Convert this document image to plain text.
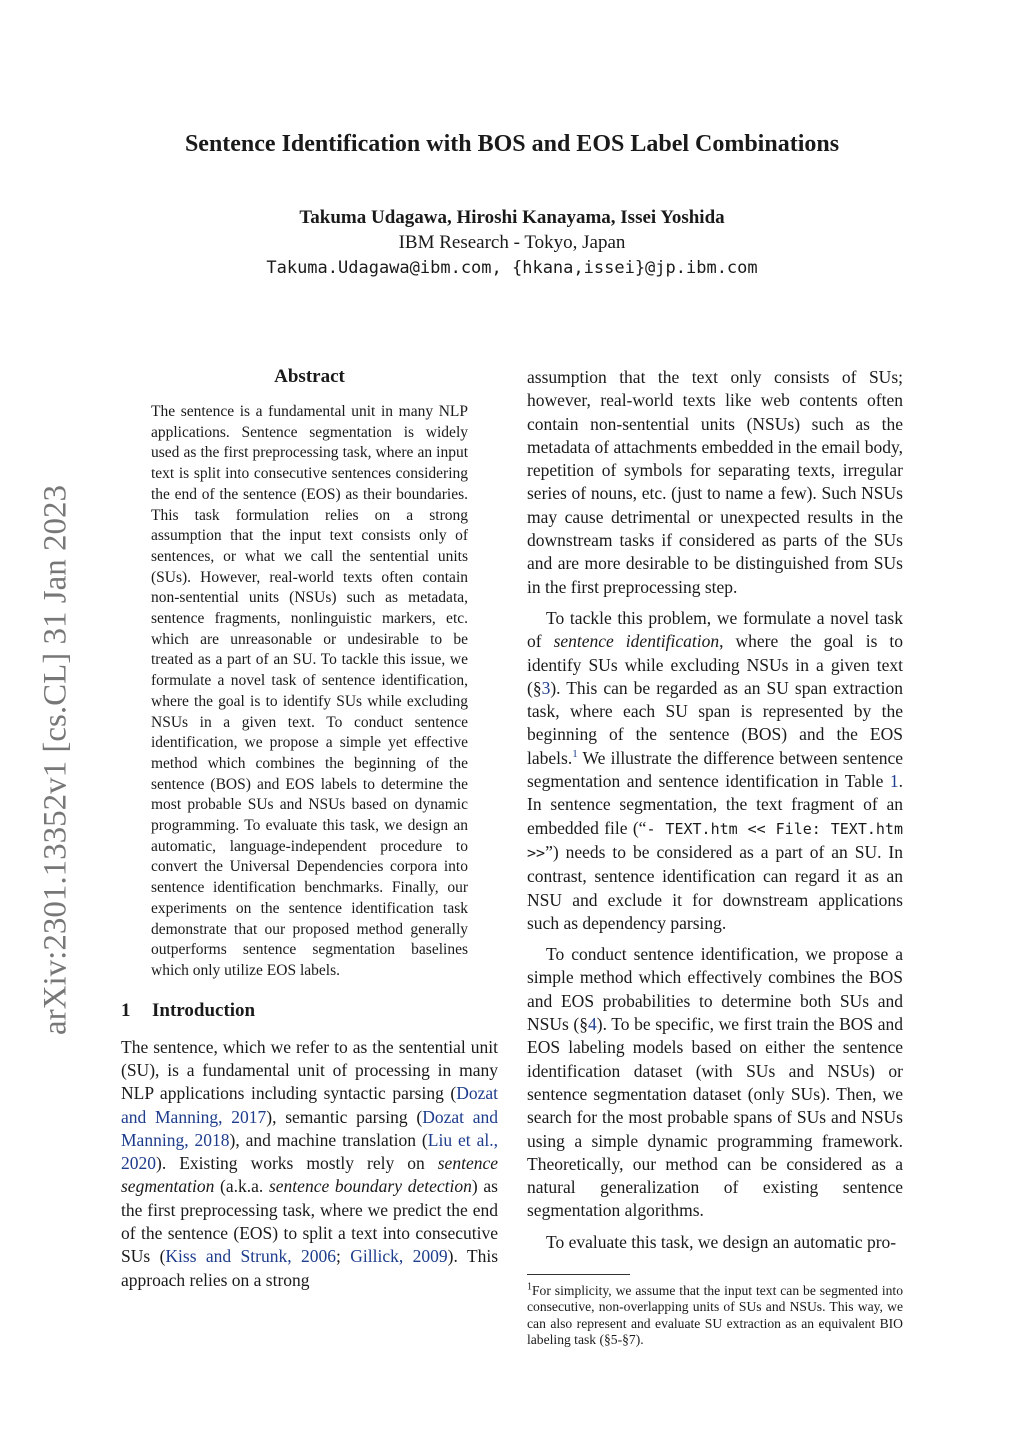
arXiv:2301.13352v1 [cs.CL] 31 Jan 2023
Sentence Identification with BOS and EOS Label Combinations
Takuma Udagawa, Hiroshi Kanayama, Issei Yoshida
IBM Research - Tokyo, Japan
Takuma.Udagawa@ibm.com, {hkana,issei}@jp.ibm.com
Abstract

The sentence is a fundamental unit in many NLP applications. Sentence segmentation is widely used as the first preprocessing task, where an input text is split into consecutive sentences considering the end of the sentence (EOS) as their boundaries. This task formulation relies on a strong assumption that the input text consists only of sentences, or what we call the sentential units (SUs). However, real-world texts often contain non-sentential units (NSUs) such as metadata, sentence fragments, nonlinguistic markers, etc. which are unreasonable or undesirable to be treated as a part of an SU. To tackle this issue, we formulate a novel task of sentence identification, where the goal is to identify SUs while excluding NSUs in a given text. To conduct sentence identification, we propose a simple yet effective method which combines the beginning of the sentence (BOS) and EOS labels to determine the most probable SUs and NSUs based on dynamic programming. To evaluate this task, we design an automatic, language-independent procedure to convert the Universal Dependencies corpora into sentence identification benchmarks. Finally, our experiments on the sentence identification task demonstrate that our proposed method generally outperforms sentence segmentation baselines which only utilize EOS labels.

1 Introduction

The sentence, which we refer to as the sentential unit (SU), is a fundamental unit of processing in many NLP applications including syntactic parsing (Dozat and Manning, 2017), semantic parsing (Dozat and Manning, 2018), and machine translation (Liu et al., 2020). Existing works mostly rely on sentence segmentation (a.k.a. sentence boundary detection) as the first preprocessing task, where we predict the end of the sentence (EOS) to split a text into consecutive SUs (Kiss and Strunk, 2006; Gillick, 2009). This approach relies on a strong

assumption that the text only consists of SUs; however, real-world texts like web contents often contain non-sentential units (NSUs) such as the metadata of attachments embedded in the email body, repetition of symbols for separating texts, irregular series of nouns, etc. (just to name a few). Such NSUs may cause detrimental or unexpected results in the downstream tasks if considered as parts of the SUs and are more desirable to be distinguished from SUs in the first preprocessing step.

To tackle this problem, we formulate a novel task of sentence identification, where the goal is to identify SUs while excluding NSUs in a given text (§3). This can be regarded as an SU span extraction task, where each SU span is represented by the beginning of the sentence (BOS) and the EOS labels.$^1$ We illustrate the difference between sentence segmentation and sentence identification in Table 1. In sentence segmentation, the text fragment of an embedded file (“- TEXT.htm << File: TEXT.htm >>”) needs to be considered as a part of an SU. In contrast, sentence identification can regard it as an NSU and exclude it for downstream applications such as dependency parsing.

To conduct sentence identification, we propose a simple method which effectively combines the BOS and EOS probabilities to determine both SUs and NSUs (§4). To be specific, we first train the BOS and EOS labeling models based on either the sentence identification dataset (with SUs and NSUs) or sentence segmentation dataset (only SUs). Then, we search for the most probable spans of SUs and NSUs using a simple dynamic programming framework. Theoretically, our method can be considered as a natural generalization of existing sentence segmentation algorithms.

To evaluate this task, we design an automatic pro-

$^1$For simplicity, we assume that the input text can be segmented into consecutive, non-overlapping units of SUs and NSUs. This way, we can also represent and evaluate SU extraction as an equivalent BIO labeling task (§5-§7).
